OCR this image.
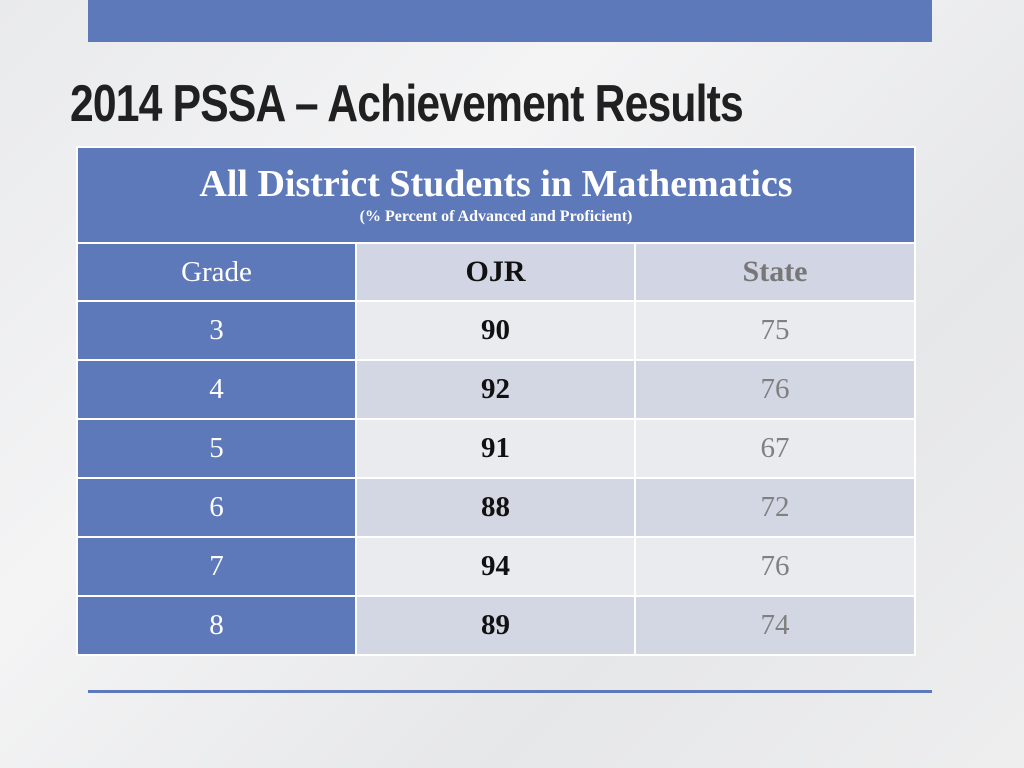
2014 PSSA – Achievement Results
All District Students in Mathematics
(% Percent of Advanced and Proficient)		

Grade	OJR	State
3	90	75
4	92	76
5	91	67
6	88	72
7	94	76
8	89	74
